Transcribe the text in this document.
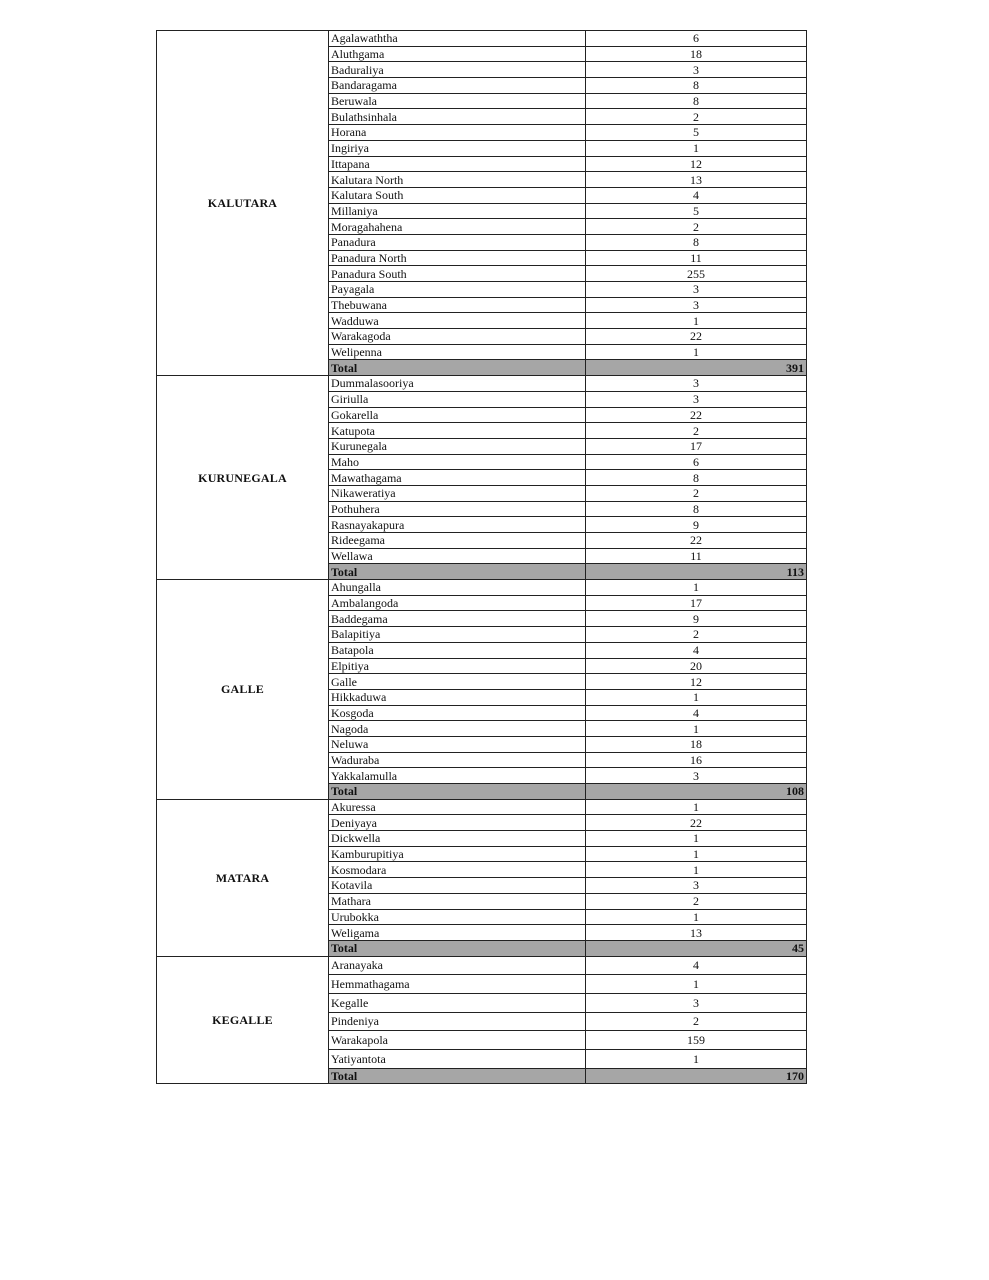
KALUTARA	Agalawaththa	6
	Aluthgama	18
	Baduraliya	3
	Bandaragama	8
	Beruwala	8
	Bulathsinhala	2
	Horana	5
	Ingiriya	1
	Ittapana	12
	Kalutara North	13
	Kalutara South	4
	Millaniya	5
	Moragahahena	2
	Panadura	8
	Panadura North	11
	Panadura South	255
	Payagala	3
	Thebuwana	3
	Wadduwa	1
	Warakagoda	22
	Welipenna	1
	Total	391
KURUNEGALA	Dummalasooriya	3
	Giriulla	3
	Gokarella	22
	Katupota	2
	Kurunegala	17
	Maho	6
	Mawathagama	8
	Nikaweratiya	2
	Pothuhera	8
	Rasnayakapura	9
	Rideegama	22
	Wellawa	11
	Total	113
GALLE	Ahungalla	1
	Ambalangoda	17
	Baddegama	9
	Balapitiya	2
	Batapola	4
	Elpitiya	20
	Galle	12
	Hikkaduwa	1
	Kosgoda	4
	Nagoda	1
	Neluwa	18
	Waduraba	16
	Yakkalamulla	3
	Total	108
MATARA	Akuressa	1
	Deniyaya	22
	Dickwella	1
	Kamburupitiya	1
	Kosmodara	1
	Kotavila	3
	Mathara	2
	Urubokka	1
	Weligama	13
	Total	45
KEGALLE	Aranayaka	4
	Hemmathagama	1
	Kegalle	3
	Pindeniya	2
	Warakapola	159
	Yatiyantota	1
	Total	170
